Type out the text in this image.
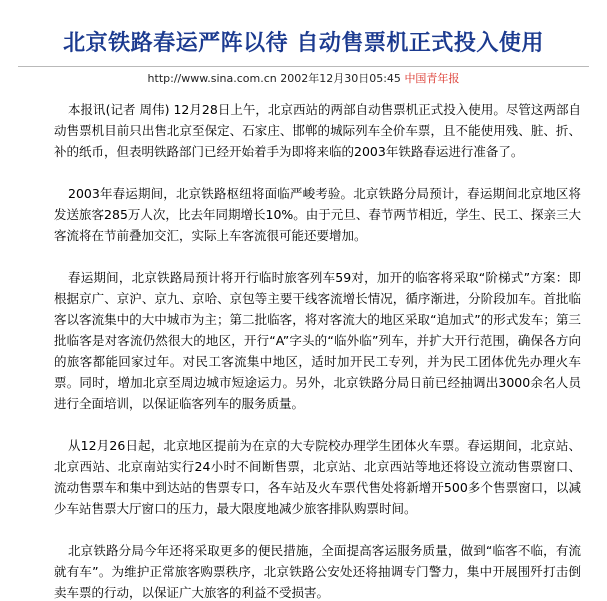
北京铁路春运严阵以待 自动售票机正式投入使用
http://www.sina.com.cn 2002年12月30日05:45 中国青年报

本报讯(记者 周伟) 12月28日上午，北京西站的两部自动售票机正式投入使用。尽管这两部自动售票机目前只出售北京至保定、石家庄、邯郸的城际列车全价车票，且不能使用残、脏、折、补的纸币，但表明铁路部门已经开始着手为即将来临的2003年铁路春运进行准备了。

2003年春运期间，北京铁路枢纽将面临严峻考验。北京铁路分局预计，春运期间北京地区将发送旅客285万人次，比去年同期增长10%。由于元旦、春节两节相近，学生、民工、探亲三大客流将在节前叠加交汇，实际上车客流很可能还要增加。

春运期间，北京铁路局预计将开行临时旅客列车59对，加开的临客将采取“阶梯式”方案：即根据京广、京沪、京九、京哈、京包等主要干线客流增长情况，循序渐进，分阶段加车。首批临客以客流集中的大中城市为主；第二批临客，将对客流大的地区采取“追加式”的形式发车；第三批临客是对客流仍然很大的地区，开行“A”字头的“临外临”列车，并扩大开行范围，确保各方向的旅客都能回家过年。对民工客流集中地区，适时加开民工专列，并为民工团体优先办理火车票。同时，增加北京至周边城市短途运力。另外，北京铁路分局日前已经抽调出3000余名人员进行全面培训，以保证临客列车的服务质量。

从12月26日起，北京地区提前为在京的大专院校办理学生团体火车票。春运期间，北京站、北京西站、北京南站实行24小时不间断售票，北京站、北京西站等地还将设立流动售票窗口、流动售票车和集中到达站的售票专口，各车站及火车票代售处将新增开500多个售票窗口，以减少车站售票大厅窗口的压力，最大限度地减少旅客排队购票时间。

北京铁路分局今年还将采取更多的便民措施，全面提高客运服务质量，做到“临客不临，有流就有车”。为维护正常旅客购票秩序，北京铁路公安处还将抽调专门警力，集中开展围歼打击倒卖车票的行动，以保证广大旅客的利益不受损害。
